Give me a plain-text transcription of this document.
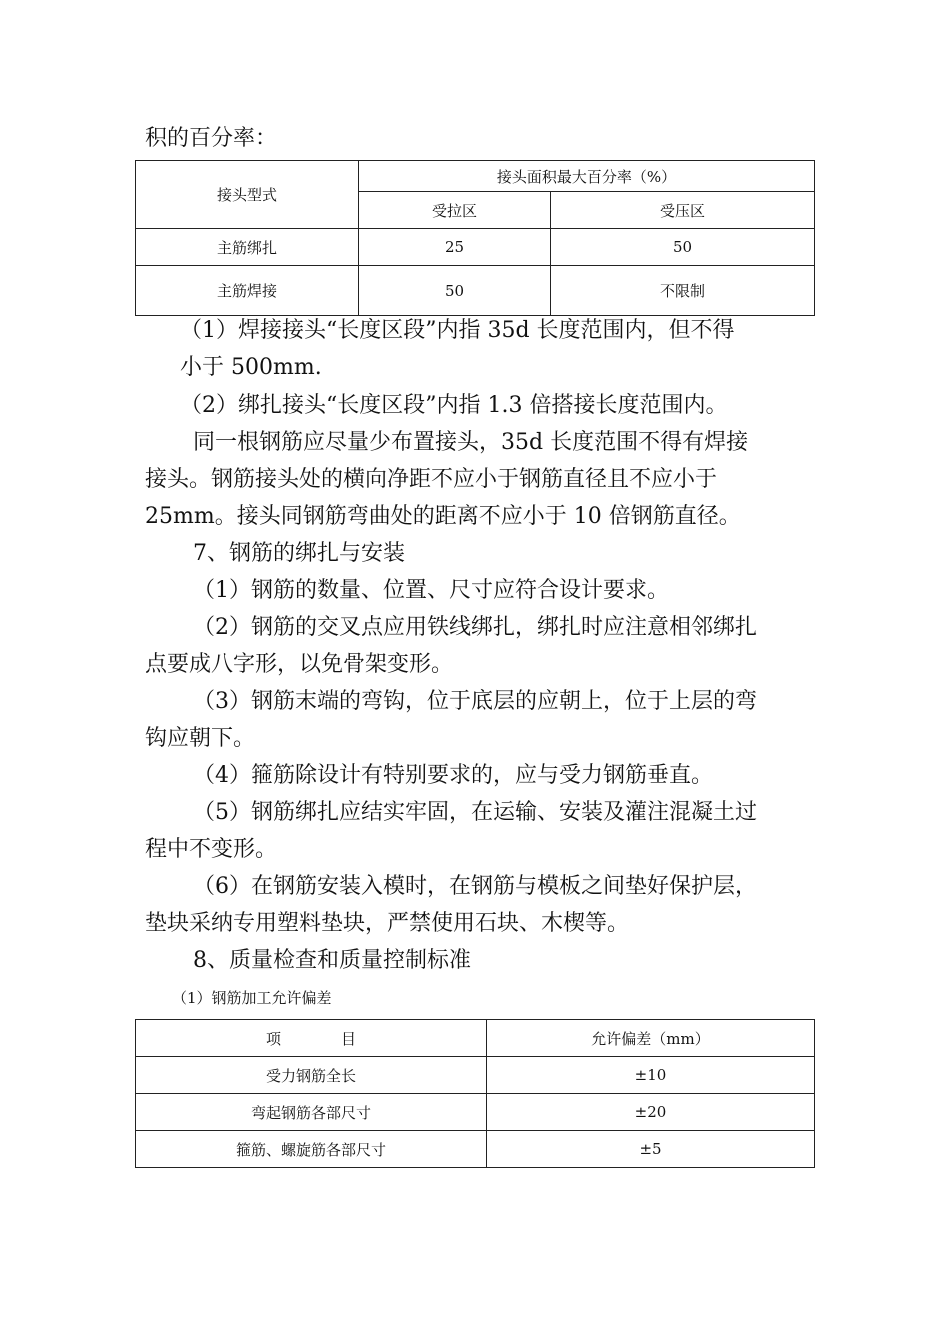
积的百分率：
接头型式	接头面积最大百分率（%）	
	受拉区	受压区
主筋绑扎	25	50
主筋焊接	50	不限制
（1）焊接接头“长度区段”内指 35d 长度范围内，但不得
小于 500mm.
（2）绑扎接头“长度区段”内指 1.3 倍搭接长度范围内。
同一根钢筋应尽量少布置接头，35d 长度范围不得有焊接
接头。钢筋接头处的横向净距不应小于钢筋直径且不应小于
25mm。接头同钢筋弯曲处的距离不应小于 10 倍钢筋直径。
7、钢筋的绑扎与安装
（1）钢筋的数量、位置、尺寸应符合设计要求。
（2）钢筋的交叉点应用铁线绑扎，绑扎时应注意相邻绑扎
点要成八字形，以免骨架变形。
（3）钢筋末端的弯钩，位于底层的应朝上，位于上层的弯
钩应朝下。
（4）箍筋除设计有特别要求的，应与受力钢筋垂直。
（5）钢筋绑扎应结实牢固，在运输、安装及灌注混凝土过
程中不变形。
（6）在钢筋安装入模时，在钢筋与模板之间垫好保护层，
垫块采纳专用塑料垫块，严禁使用石块、木楔等。
8、质量检查和质量控制标准
（1）钢筋加工允许偏差
项　　　　目	允许偏差（mm）
受力钢筋全长	±10
弯起钢筋各部尺寸	±20
箍筋、螺旋筋各部尺寸	±5
